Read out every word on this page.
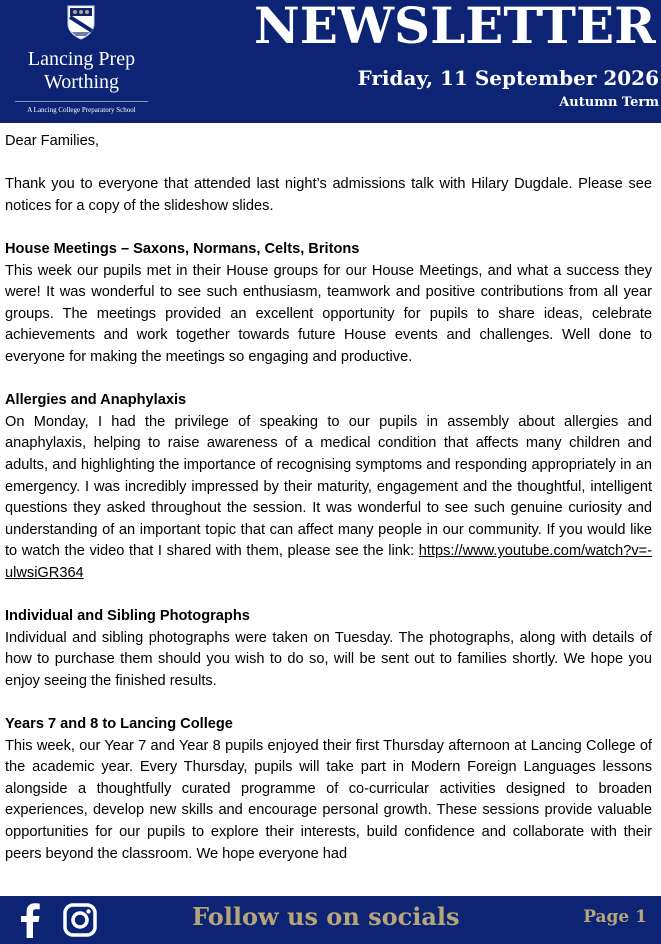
Lancing Prep
Worthing
A Lancing College Preparatory School
NEWSLETTER
Friday, 11 September 2026
Autumn Term

Dear Families,

Thank you to everyone that attended last night’s admissions talk with Hilary Dugdale. Please see notices for a copy of the slideshow slides.

House Meetings – Saxons, Normans, Celts, Britons

This week our pupils met in their House groups for our House Meetings, and what a success they were! It was wonderful to see such enthusiasm, teamwork and positive contributions from all year groups. The meetings provided an excellent opportunity for pupils to share ideas, celebrate achievements and work together towards future House events and challenges. Well done to everyone for making the meetings so engaging and productive.

Allergies and Anaphylaxis

On Monday, I had the privilege of speaking to our pupils in assembly about allergies and anaphylaxis, helping to raise awareness of a medical condition that affects many children and adults, and highlighting the importance of recognising symptoms and responding appropriately in an emergency. I was incredibly impressed by their maturity, engagement and the thoughtful, intelligent questions they asked throughout the session. It was wonderful to see such genuine curiosity and understanding of an important topic that can affect many people in our community. If you would like to watch the video that I shared with them, please see the link: https://www.youtube.com/watch?v=-ulwsiGR364

Individual and Sibling Photographs

Individual and sibling photographs were taken on Tuesday. The photographs, along with details of how to purchase them should you wish to do so, will be sent out to families shortly. We hope you enjoy seeing the finished results.

Years 7 and 8 to Lancing College

This week, our Year 7 and Year 8 pupils enjoyed their first Thursday afternoon at Lancing College of the academic year. Every Thursday, pupils will take part in Modern Foreign Languages lessons alongside a thoughtfully curated programme of co-curricular activities designed to broaden experiences, develop new skills and encourage personal growth. These sessions provide valuable opportunities for our pupils to explore their interests, build confidence and collaborate with their peers beyond the classroom. We hope everyone had

Follow us on socials	Page 1
